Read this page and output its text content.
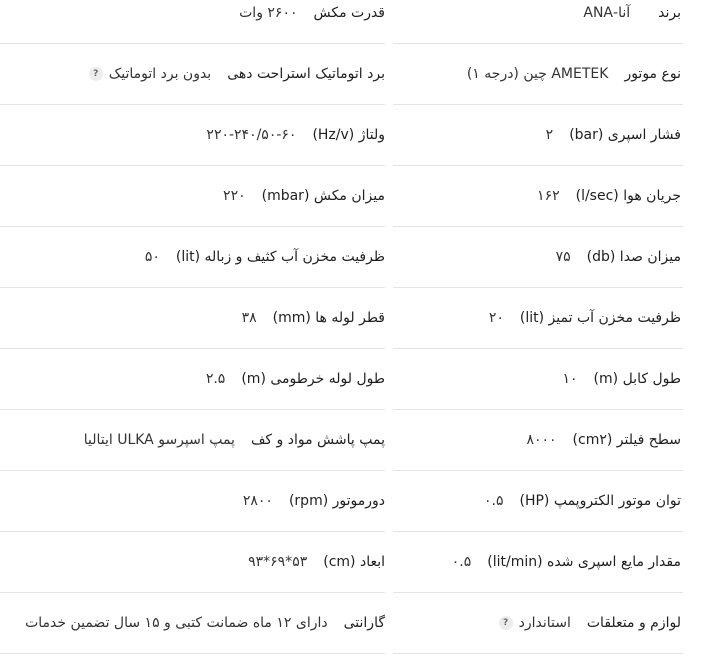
برند
آنا-ANA
نوع موتور
AMETEK چین (درجه ۱)
فشار اسپری (bar)
۲
جریان هوا (l/sec)
۱۶۲
میزان صدا (db)
۷۵
ظرفیت مخزن آب تمیز (lit)
۲۰
طول کابل (m)
۱۰
سطح فیلتر (cm۲)
۸۰۰۰
توان موتور الکتروپمپ (HP)
۰.۵
مقدار مایع اسپری شده (lit/min)
۰.۵
لوازم و متعلقات
استاندارد
?
قدرت مکش
۲۶۰۰ وات
برد اتوماتیک استراحت دهی
بدون برد اتوماتیک
?
ولتاژ (Hz/v)
۲۲۰-۲۴۰/۵۰-۶۰
میزان مکش (mbar)
۲۲۰
ظرفیت مخزن آب کثیف و زباله (lit)
۵۰
قطر لوله ها (mm)
۳۸
طول لوله خرطومی (m)
۲.۵
پمپ پاشش مواد و کف
پمپ اسپرسو ULKA ایتالیا
دورموتور (rpm)
۲۸۰۰
ابعاد (cm)
۵۳*۶۹*۹۳
گارانتی
دارای ۱۲ ماه ضمانت کتبی و ۱۵ سال تضمین خدمات
